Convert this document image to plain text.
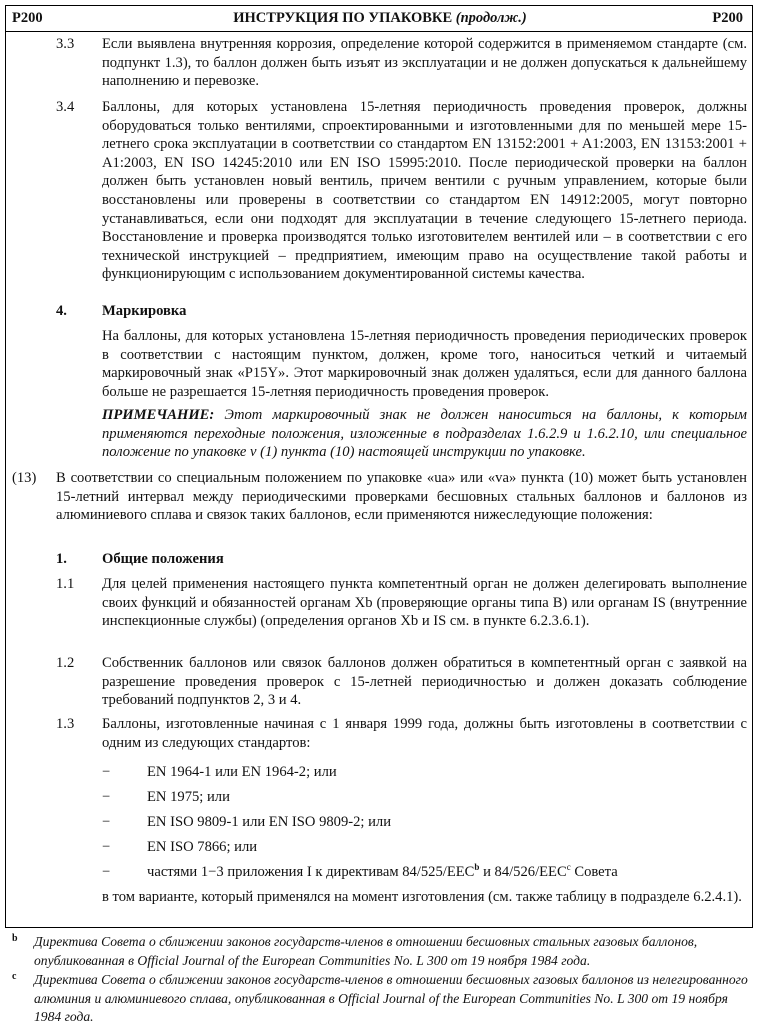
P200	ИНСТРУКЦИЯ ПО УПАКОВКЕ (продолж.)	P200
3.3 Если выявлена внутренняя коррозия, определение которой содержится в применяемом стандарте (см. подпункт 1.3), то баллон должен быть изъят из эксплуатации и не должен допускаться к дальнейшему наполнению и перевозке.

3.4 Баллоны, для которых установлена 15-летняя периодичность проведения проверок, должны оборудоваться только вентилями, спроектированными и изготовленными для по меньшей мере 15-летнего срока эксплуатации в соответствии со стандартом EN 13152:2001 + A1:2003, EN 13153:2001 + A1:2003, EN ISO 14245:2010 или EN ISO 15995:2010. После периодической проверки на баллон должен быть установлен новый вентиль, причем вентили с ручным управлением, которые были восстановлены или проверены в соответствии со стандартом EN 14912:2005, могут повторно устанавливаться, если они подходят для эксплуатации в течение следующего 15-летнего периода. Восстановление и проверка производятся только изготовителем вентилей или – в соответствии с его технической инструкцией – предприятием, имеющим право на осуществление такой работы и функционирующим с использованием документированной системы качества.

4. Маркировка

На баллоны, для которых установлена 15-летняя периодичность проведения периодических проверок в соответствии с настоящим пунктом, должен, кроме того, наноситься четкий и читаемый маркировочный знак «P15Y». Этот маркировочный знак должен удаляться, если для данного баллона больше не разрешается 15-летняя периодичность проведения проверок.

ПРИМЕЧАНИЕ: Этот маркировочный знак не должен наноситься на баллоны, к которым применяются переходные положения, изложенные в подразделах 1.6.2.9 и 1.6.2.10, или специальное положение по упаковке v (1) пункта (10) настоящей инструкции по упаковке.

(13) В соответствии со специальным положением по упаковке «ua» или «va» пункта (10) может быть установлен 15-летний интервал между периодическими проверками бесшовных стальных баллонов и баллонов из алюминиевого сплава и связок таких баллонов, если применяются нижеследующие положения:

1. Общие положения
1.1 Для целей применения настоящего пункта компетентный орган не должен делегировать выполнение своих функций и обязанностей органам Xb (проверяющие органы типа B) или органам IS (внутренние инспекционные службы) (определения органов Xb и IS см. в пункте 6.2.3.6.1).

1.2 Собственник баллонов или связок баллонов должен обратиться в компетентный орган с заявкой на разрешение проведения проверок с 15-летней периодичностью и должен доказать соблюдение требований подпунктов 2, 3 и 4.

1.3 Баллоны, изготовленные начиная с 1 января 1999 года, должны быть изготовлены в соответствии с одним из следующих стандартов:

−	EN 1964-1 или EN 1964-2; или
−	EN 1975; или
−	EN ISO 9809-1 или EN ISO 9809-2; или
−	EN ISO 7866; или
−	частями 1−3 приложения I к директивам 84/525/EEC$^b$ и 84/526/EEC$^c$ Совета

в том варианте, который применялся на момент изготовления (см. также таблицу в подразделе 6.2.4.1).

b Директива Совета о сближении законов государств-членов в отношении бесшовных стальных газовых баллонов, опубликованная в Official Journal of the European Communities No. L 300 от 19 ноября 1984 года.

c Директива Совета о сближении законов государств-членов в отношении бесшовных газовых баллонов из нелегированного алюминия и алюминиевого сплава, опубликованная в Official Journal of the European Communities No. L 300 от 19 ноября 1984 года.
